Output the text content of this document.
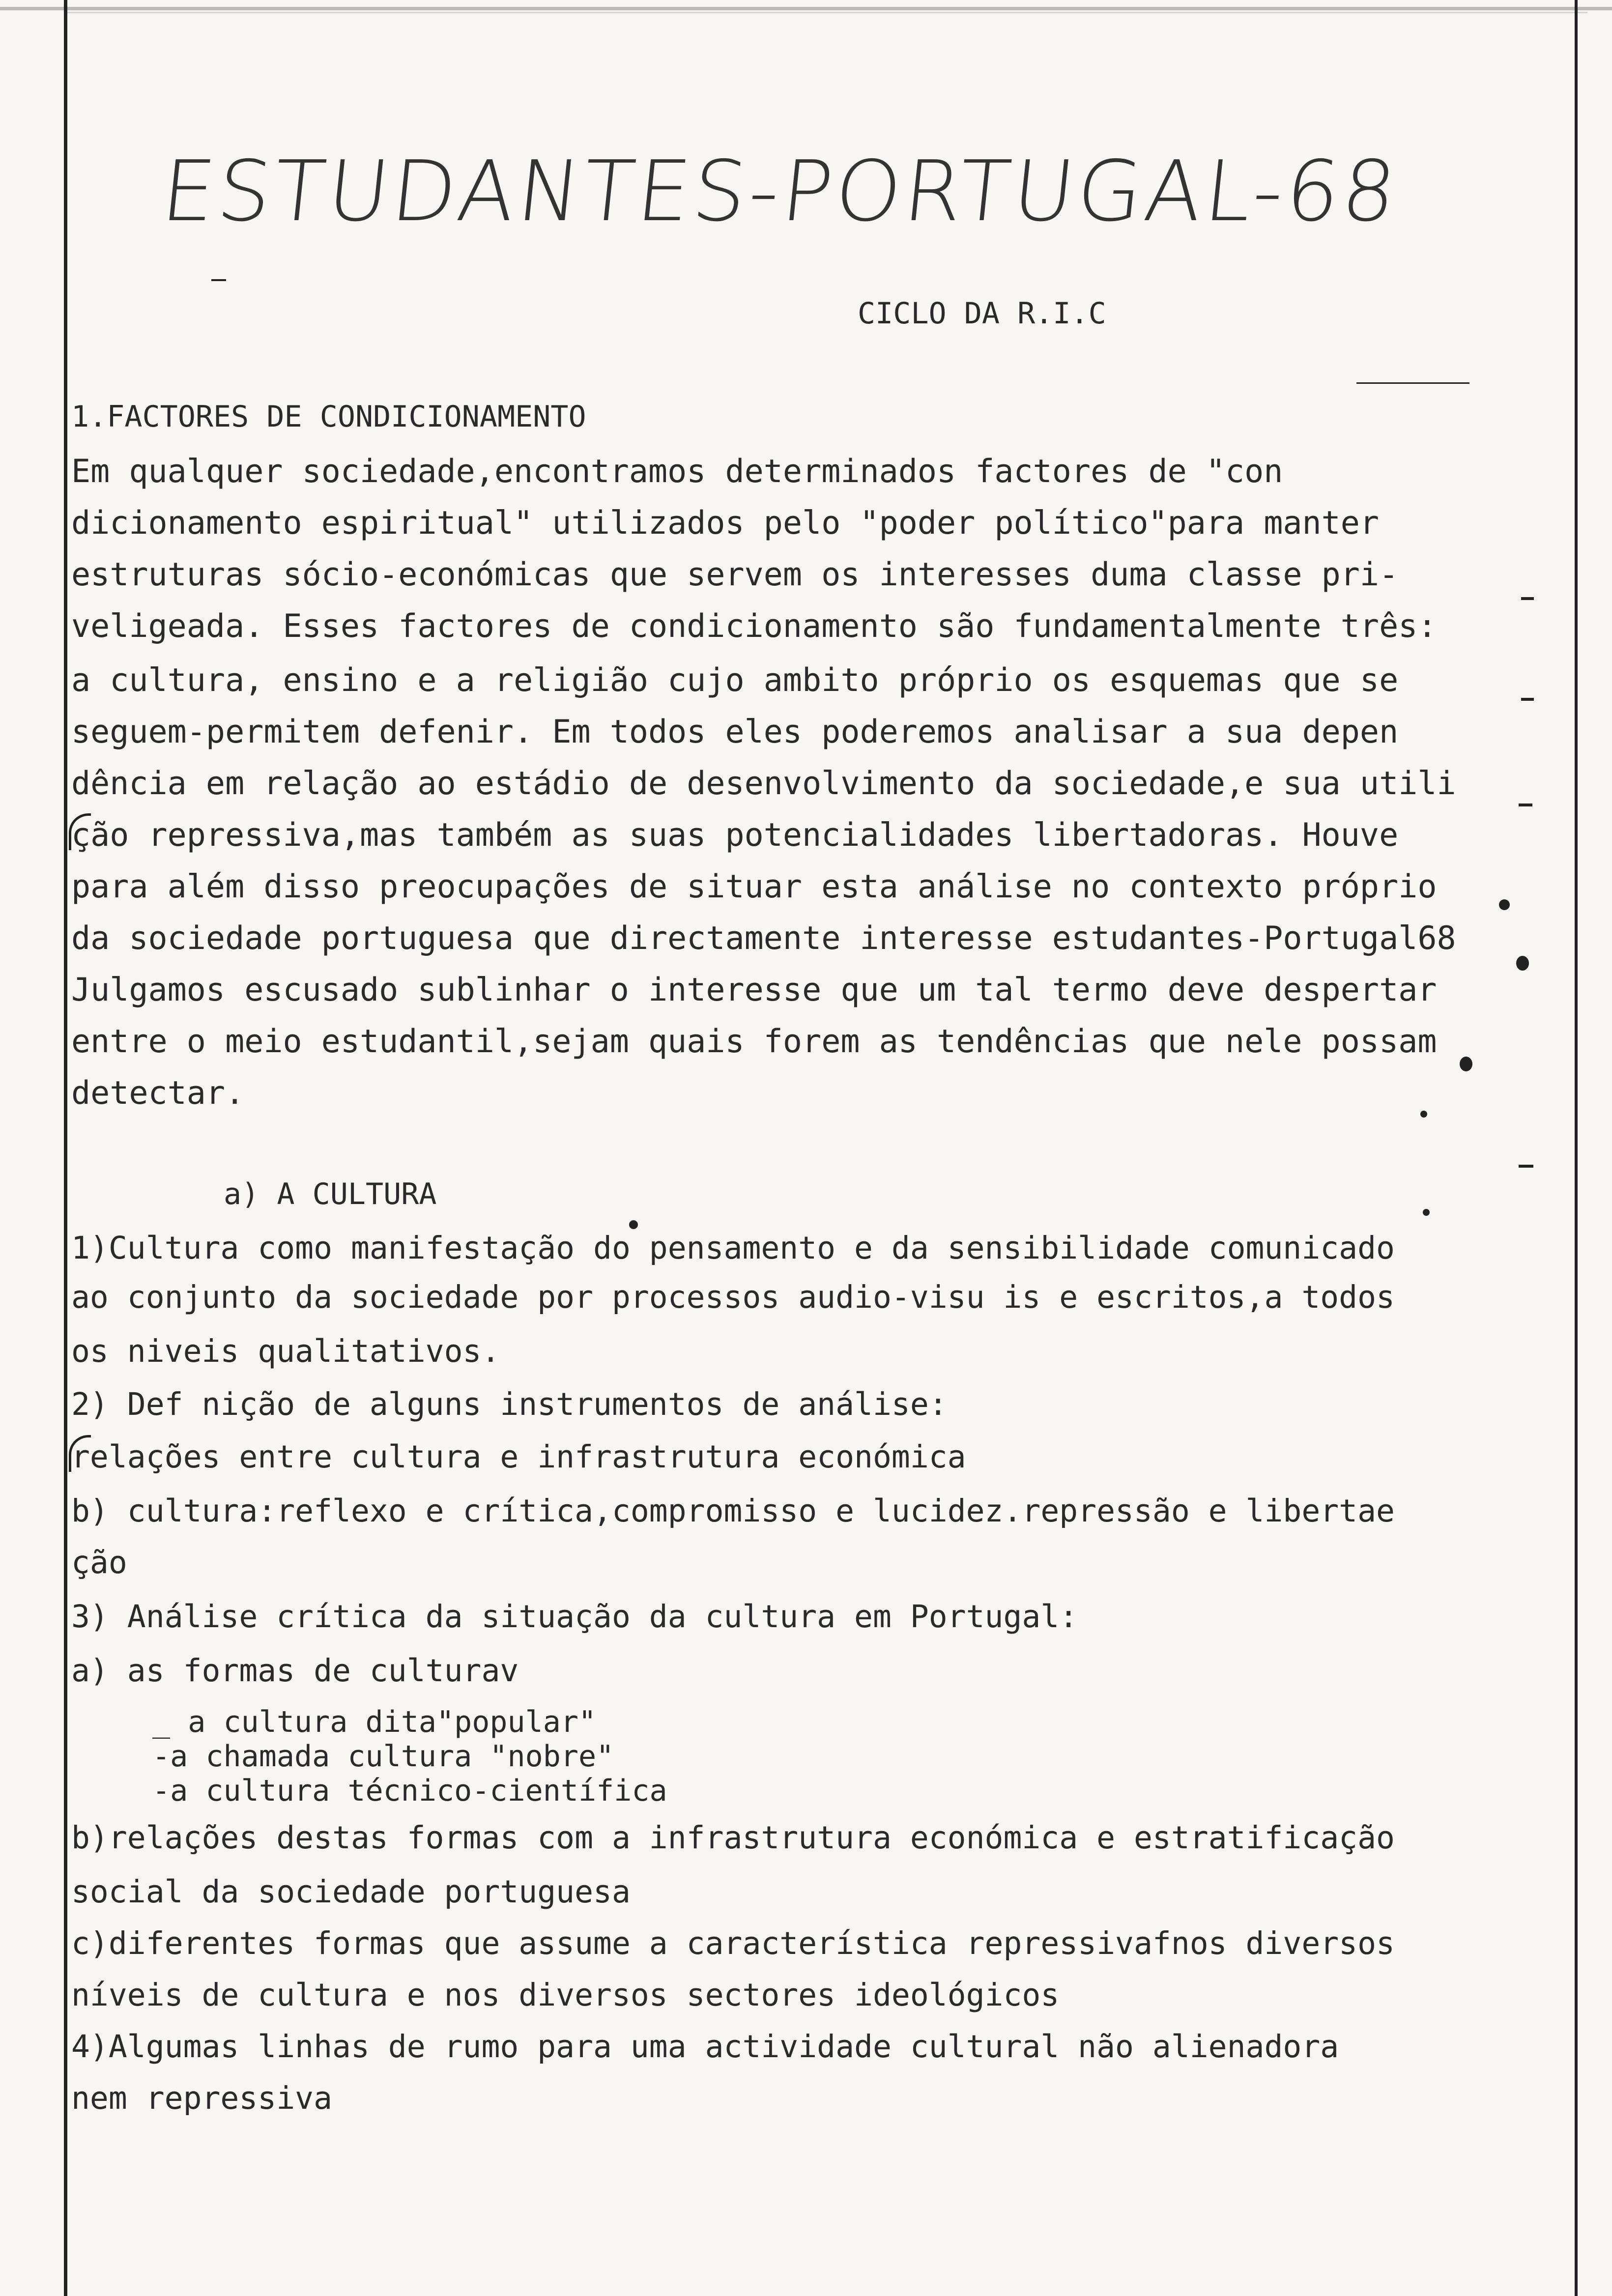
ESTUDANTES-PORTUGAL-68
CICLO DA R.I.C
1.FACTORES DE CONDICIONAMENTO
Em qualquer sociedade,encontramos determinados factores de "con
dicionamento espiritual" utilizados pelo "poder político"para manter
estruturas sócio-económicas que servem os interesses duma classe pri-
veligeada. Esses factores de condicionamento são fundamentalmente três:
a cultura, ensino e a religião cujo ambito próprio os esquemas que se
seguem-permitem defenir. Em todos eles poderemos analisar a sua depen
dência em relação ao estádio de desenvolvimento da sociedade,e sua utili
ção repressiva,mas também as suas potencialidades libertadoras. Houve
para além disso preocupações de situar esta análise no contexto próprio
da sociedade portuguesa que directamente interesse estudantes-Portugal68
Julgamos escusado sublinhar o interesse que um tal termo deve despertar
entre o meio estudantil,sejam quais forem as tendências que nele possam
detectar.
a) A CULTURA
1)Cultura como manifestação do pensamento e da sensibilidade comunicado
ao conjunto da sociedade por processos audio-visu is e escritos,a todos
os niveis qualitativos.
2) Def nição de alguns instrumentos de análise:
relações entre cultura e infrastrutura económica
b) cultura:reflexo e crítica,compromisso e lucidez.repressão e libertae
ção
3) Análise crítica da situação da cultura em Portugal:
a) as formas de culturav
_ a cultura dita"popular"
-a chamada cultura "nobre"
-a cultura técnico-científica
b)relações destas formas com a infrastrutura económica e estratificação
social da sociedade portuguesa
c)diferentes formas que assume a característica repressivafnos diversos
níveis de cultura e nos diversos sectores ideológicos
4)Algumas linhas de rumo para uma actividade cultural não alienadora
nem repressiva
